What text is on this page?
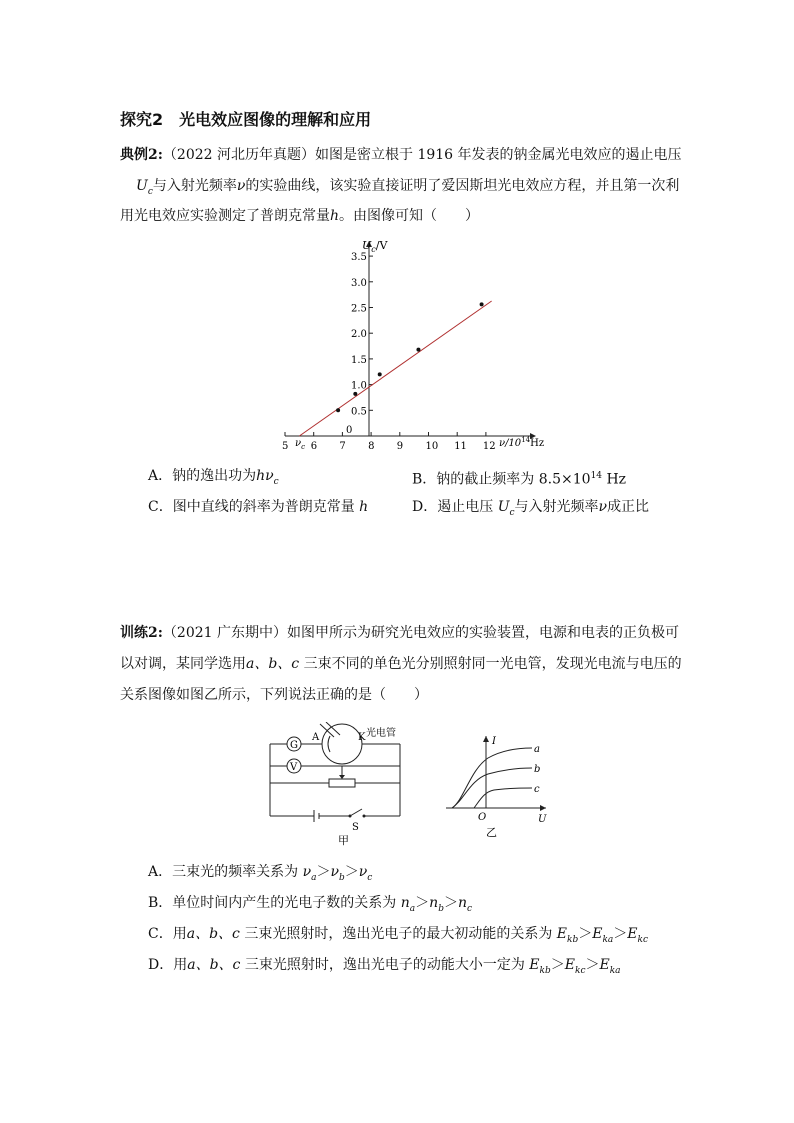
探究2　光电效应图像的理解和应用
典例2:（2022 河北历年真题）如图是密立根于 1916 年发表的钠金属光电效应的遏止电压
$U_c$与入射光频率ν的实验曲线，该实验直接证明了爱因斯坦光电效应方程，并且第一次利
用光电效应实验测定了普朗克常量h。由图像可知（　　）
5 6 7 8 9 10 11 12
0.5
1.0
1.5
2.0
2.5
3.0
3.5
$U_c/V$
$\nu/10^{14}Hz$
0
$\nu_c$
A．钠的逸出功为$h\nu_c$	B．钠的截止频率为 $8.5\times 10^{14}$ Hz
C．图中直线的斜率为普朗克常量 h	D．遏止电压 $U_c$与入射光频率ν成正比
训练2:（2021 广东期中）如图甲所示为研究光电效应的实验装置，电源和电表的正负极可
以对调，某同学选用a、b、c 三束不同的单色光分别照射同一光电管，发现光电流与电压的
关系图像如图乙所示，下列说法正确的是（　　）
G
V
A	K 光电管
S
甲
I
U
O
a
b
c
乙
A．三束光的频率关系为 $\nu_a>\nu_b>\nu_c$
B．单位时间内产生的光电子数的关系为 $n_a>n_b>n_c$
C．用a、b、c 三束光照射时，逸出光电子的最大初动能的关系为 $E_{kb}>E_{ka}>E_{kc}$
D．用a、b、c 三束光照射时，逸出光电子的动能大小一定为 $E_{kb}>E_{kc}>E_{ka}$
